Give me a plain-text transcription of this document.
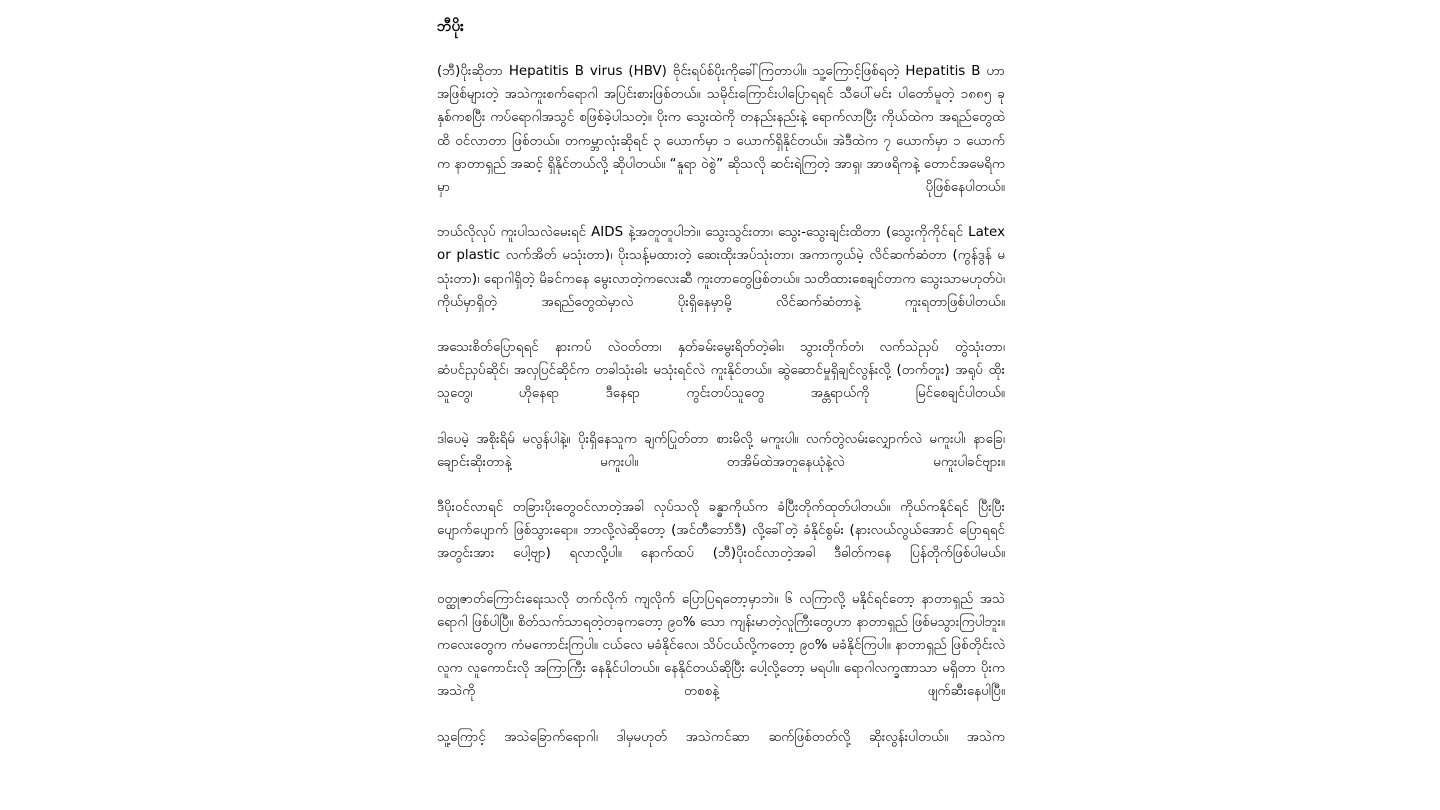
ဘီပိုး

(ဘီ)ပိုးဆိုတာ Hepatitis B virus (HBV) ဗိုင်းရပ်စ်ပိုးကိုခေါ်ကြတာပါ။ သူ့ကြောင့်ဖြစ်ရတဲ့ Hepatitis B ဟာ အဖြစ်များတဲ့ အသဲကူးစက်ရောဂါ အပြင်းစားဖြစ်တယ်။ သမိုင်းကြောင်းပါပြောရရင် သီပေါ်မင်း ပါတော်မူတဲ့ ၁၈၈၅ ခုနှစ်ကစပြီး ကပ်ရောဂါအသွင် စဖြစ်ခဲ့ပါသတဲ့။ ပိုးက သွေးထဲကို တနည်းနည်းနဲ့ ရောက်လာပြီး ကိုယ်ထဲက အရည်တွေထဲထိ ဝင်လာတာ ဖြစ်တယ်။ တကမ္ဘာလုံးဆိုရင် ၃ ယောက်မှာ ၁ ယောက်ရှိနိုင်တယ်။ အဲဒီထဲက ၇ ယောက်မှာ ၁ ယောက်က နာတာရှည် အဆင့် ရှိနိုင်တယ်လို့ ဆိုပါတယ်။ “နူရာ ဝဲစွဲ” ဆိုသလို ဆင်းရဲကြတဲ့ အာရှ၊ အာဖရိကနဲ့ တောင်အမေရိကမှာ ပိုဖြစ်နေပါတယ်။

ဘယ်လိုလုပ် ကူးပါသလဲမေးရင် AIDS နဲ့အတူတူပါဘဲ။ သွေးသွင်းတာ၊ သွေး-သွေးချင်းထိတာ (သွေးကိုကိုင်ရင် Latex or plastic လက်အိတ် မသုံးတာ)၊ ပိုးသန့်မထားတဲ့ ဆေးထိုးအပ်သုံးတာ၊ အကာကွယ်မဲ့ လိင်ဆက်ဆံတာ (ကွန်ဒွန် မသုံးတာ)၊ ရောဂါရှိတဲ့ မိခင်ကနေ မွေးလာတဲ့ကလေးဆီ ကူးတာတွေဖြစ်တယ်။ သတိထားစေချင်တာက သွေးသာမဟုတ်ပဲ၊ ကိုယ်မှာရှိတဲ့ အရည်တွေထဲမှာလဲ ပိုးရှိနေမှာမို့ လိင်ဆက်ဆံတာနဲ့ ကူးရတာဖြစ်ပါတယ်။

အသေးစိတ်ပြောရရင် နားကပ် လဲဝတ်တာ၊ နှတ်ခမ်းမွေးရိတ်တဲ့ဓါး၊ သွားတိုက်တံ၊ လက်သဲညှပ် တွဲသုံးတာ၊ ဆံပင်ညှပ်ဆိုင်၊ အလှပြင်ဆိုင်က တခါသုံးဓါး မသုံးရင်လဲ ကူးနိုင်တယ်။ ဆွဲဆောင်မှုရှိချင်လွန်းလို့ (တက်တူး) အရုပ် ထိုးသူတွေ၊ ဟိုနေရာ ဒီနေရာ ကွင်းတပ်သူတွေ အန္တရာယ်ကို မြင်စေချင်ပါတယ်။

ဒါပေမဲ့ အစိုးရိမ် မလွန်ပါနဲ့။ ပိုးရှိနေသူက ချက်ပြုတ်တာ စားမိလို့ မကူးပါ။ လက်တွဲလမ်းလျှောက်လဲ မကူးပါ၊ နာခြေ၊ ချောင်းဆိုးတာနဲ့ မကူးပါ။ တအိမ်ထဲအတူနေယုံနဲ့လဲ မကူးပါခင်ဗျား။

ဒီပိုးဝင်လာရင် တခြားပိုးတွေဝင်လာတဲ့အခါ လုပ်သလို ခန္ဓာကိုယ်က ခံပြီးတိုက်ထုတ်ပါတယ်။ ကိုယ်ကနိုင်ရင် ပြီးပြီး ပျောက်ပျောက် ဖြစ်သွားရော။ ဘာလို့လဲဆိုတော့ (အင်တီဘော်ဒီ) လို့ခေါ်တဲ့ ခံနိုင်စွမ်း (နားလယ်လွယ်အောင် ပြောရရင် အတွင်းအား ပေါ့ဗျာ) ရလာလို့ပါ။ နောက်ထပ် (ဘီ)ပိုးဝင်လာတဲ့အခါ ဒီဓါတ်ကနေ ပြန်တိုက်ဖြစ်ပါမယ်။

ဝတ္ထုဇာတ်ကြောင်းရေးသလို တက်လိုက် ကျလိုက် ပြောပြရတော့မှာဘဲ။ ၆ လကြာလို့ မနိုင်ရင်တော့ နာတာရှည် အသဲရောဂါ ဖြစ်ပါပြီ။ စိတ်သက်သာရတဲ့တခုကတော့ ၉၀% သော ကျန်းမာတဲ့လူကြီးတွေဟာ နာတာရှည် ဖြစ်မသွားကြပါဘူး။ ကလေးတွေက ကံမကောင်းကြပါ။ ငယ်လေ မခံနိုင်လေ၊ သိပ်ငယ်လို့ကတော့ ၉၀% မခံနိုင်ကြပါ။ နာတာရှည် ဖြစ်တိုင်းလဲ လူက လူကောင်းလို အကြာကြီး နေနိုင်ပါတယ်။ နေနိုင်တယ်ဆိုပြီး ပေါ့လို့တော့ မရပါ။ ရောဂါလက္ခဏာသာ မရှိတာ ပိုးက အသဲကို တစစနဲ့ ဖျက်ဆီးနေပါပြီ။

သူ့ကြောင့် အသဲခြောက်ရောဂါ၊ ဒါမှမဟုတ် အသဲကင်ဆာ ဆက်ဖြစ်တတ်လို့ ဆိုးလွန်းပါတယ်။ အသဲက
